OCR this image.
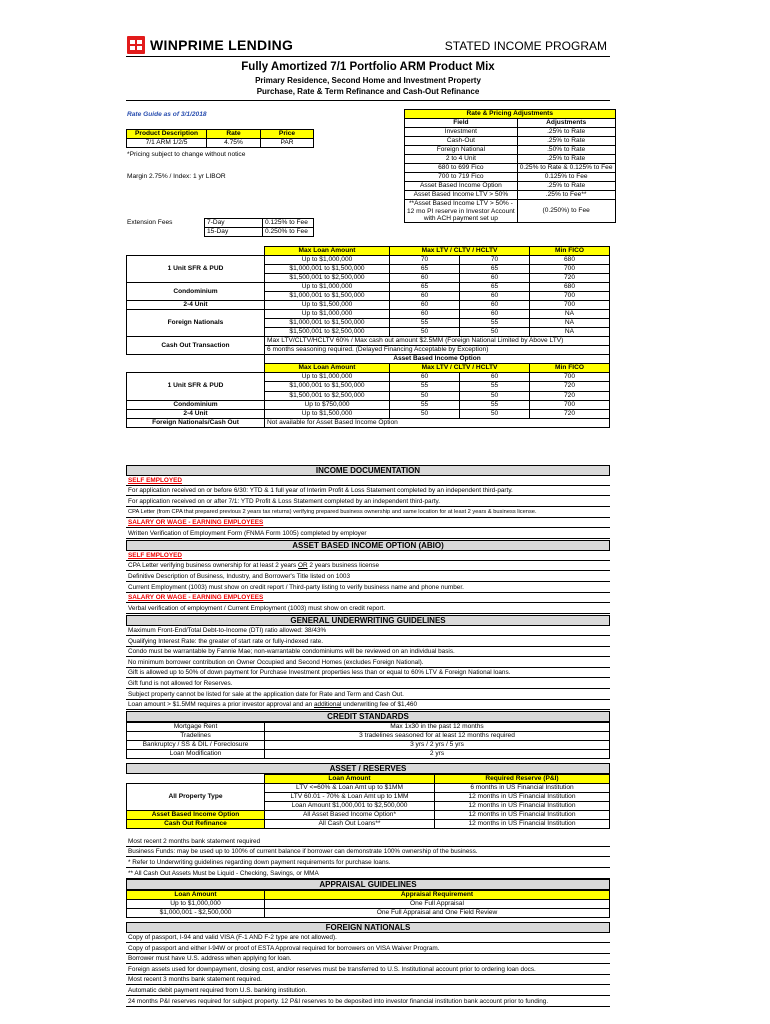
WINPRIME LENDING	STATED INCOME PROGRAM
Fully Amortized 7/1 Portfolio ARM Product Mix
Primary Residence, Second Home and Investment Property
Purchase, Rate & Term Refinance and Cash-Out Refinance
Rate Guide as of 3/1/2018
Product Description	Rate	Price
7/1 ARM 1/2/5	4.75%	PAR
*Pricing subject to change without notice
Margin 2.75% / Index: 1 yr LIBOR
Extension Fees	7-Day	0.125% to Fee
15-Day	0.250% to Fee
Rate & Pricing Adjustments	
Field	Adjustments
Investment	.25% to Rate
Cash-Out	.25% to Rate
Foreign National	.50% to Rate
2 to 4 Unit	.25% to Rate
680 to 699 Fico	0.25% to Rate & 0.125% to Fee
700 to 719 Fico	0.125% to Fee
Asset Based Income Option	.25% to Rate
Asset Based Income LTV > 50%	.25% to Fee**
**Asset Based Income LTV > 50% -
12 mo PI reserve in Investor Account
with ACH payment set up	(0.250%) to Fee
	Max Loan Amount	Max LTV / CLTV / HCLTV		Min FICO
1 Unit SFR & PUD	Up to $1,000,000	70	70	680
	$1,000,001 to $1,500,000	65	65	700
	$1,500,001 to $2,500,000	60	60	720
Condominium	Up to $1,000,000	65	65	680
	$1,000,001 to $1,500,000	60	60	700
2-4 Unit	Up to $1,500,000	60	60	700
Foreign Nationals	Up to $1,000,000	60	60	NA
	$1,000,001 to $1,500,000	55	55	NA
	$1,500,001 to $2,500,000	50	50	NA
Cash Out Transaction	Max LTV/CLTV/HCLTV 60% / Max cash out amount $2.5MM (Foreign National Limited by Above LTV)			
	6 months seasoning required. (Delayed Financing Acceptable by Exception)			
	Asset Based Income Option			
	Max Loan Amount	Max LTV / CLTV / HCLTV		Min FICO
1 Unit SFR & PUD	Up to $1,000,000	60	60	700
	$1,000,001 to $1,500,000	55	55	720
	$1,500,001 to $2,500,000	50	50	720
Condominium	Up to $750,000	55	55	700
2-4 Unit	Up to $1,500,000	50	50	720
Foreign Nationals/Cash Out	Not available for Asset Based Income Option			
INCOME DOCUMENTATION
SELF EMPLOYED
For application received on or before 6/30: YTD & 1 full year of Interim Profit & Loss Statement completed by an independent third-party.
For application received on or after 7/1: YTD Profit & Loss Statement completed by an independent third-party.
CPA Letter (from CPA that prepared previous 2 years tax returns) verifying prepared business ownership and same location for at least 2 years & business license.
SALARY OR WAGE - EARNING EMPLOYEES
Written Verification of Employment Form (FNMA Form 1005) completed by employer
ASSET BASED INCOME OPTION (ABIO)
SELF EMPLOYED
CPA Letter verifying business ownership for at least 2 years OR 2 years business license
Definitive Description of Business, Industry, and Borrower's Title listed on 1003
Current Employment (1003) must show on credit report / Third-party listing to verify business name and phone number.
SALARY OR WAGE - EARNING EMPLOYEES
Verbal verification of employment / Current Employment (1003) must show on credit report.
GENERAL UNDERWRITING GUIDELINES
Maximum Front-End/Total Debt-to-Income (DTI) ratio allowed: 38/43%
Qualifying Interest Rate: the greater of start rate or fully-indexed rate.
Condo must be warrantable by Fannie Mae; non-warrantable condominiums will be reviewed on an individual basis.
No minimum borrower contribution on Owner Occupied and Second Homes (excludes Foreign National).
Gift is allowed up to 50% of down payment for Purchase Investment properties less than or equal to 60% LTV & Foreign National loans.
Gift fund is not allowed for Reserves.
Subject property cannot be listed for sale at the application date for Rate and Term and Cash Out.
Loan amount > $1.5MM requires a prior investor approval and an additional underwriting fee of $1,460
CREDIT STANDARDS
Mortgage Rent	Max 1x30 in the past 12 months
Tradelines	3 tradelines seasoned for at least 12 months required
Bankruptcy / SS & DIL / Foreclosure	3 yrs / 2 yrs / 5 yrs
Loan Modification	2 yrs
ASSET / RESERVES
	Loan Amount	Required Reserve (P&I)
All Property Type	LTV <=60% & Loan Amt up to $1MM	6 months in US Financial Institution
	LTV 60.01 - 70% & Loan Amt up to 1MM	12 months in US Financial Institution
	Loan Amount $1,000,001 to $2,500,000	12 months in US Financial Institution
Asset Based Income Option	All Asset Based Income Option*	12 months in US Financial Institution
Cash Out Refinance	All Cash Out Loans**	12 months in US Financial Institution
Most recent 2 months bank statement required
Business Funds: may be used up to 100% of current balance if borrower can demonstrate 100% ownership of the business.
* Refer to Underwriting guidelines regarding down payment requirements for purchase loans.
** All Cash Out Assets Must be Liquid - Checking, Savings, or MMA
APPRAISAL GUIDELINES
Loan Amount	Appraisal Requirement
Up to $1,000,000	One Full Appraisal
$1,000,001 - $2,500,000	One Full Appraisal and One Field Review
FOREIGN NATIONALS
Copy of passport, I-94 and valid VISA (F-1 AND F-2 type are not allowed).
Copy of passport and either I-94W or proof of ESTA Approval required for borrowers on VISA Waiver Program.
Borrower must have U.S. address when applying for loan.
Foreign assets used for downpayment, closing cost, and/or reserves must be transferred to U.S. Institutional account prior to ordering loan docs.
Most recent 3 months bank statement required.
Automatic debit payment required from U.S. banking institution.
24 months P&I reserves required for subject property. 12 P&I reserves to be deposited into investor financial institution bank account prior to funding.
